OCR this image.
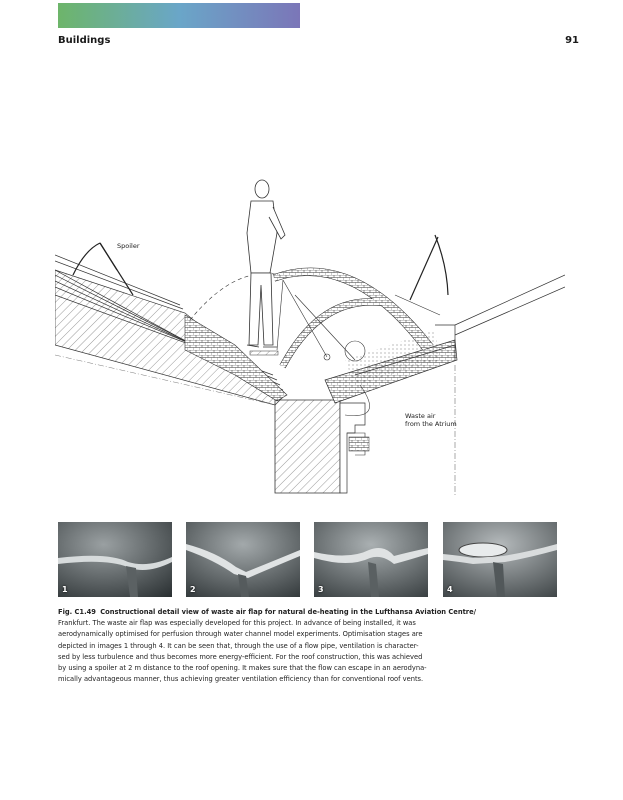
Buildings	91
Spoiler
Waste air
from the Atrium
1	2	3	4
Fig. C1.49 Constructional detail view of waste air flap for natural de-heating in the Lufthansa Aviation Centre/
Frankfurt. The waste air flap was especially developed for this project. In advance of being installed, it was
aerodynamically optimised for perfusion through water channel model experiments. Optimisation stages are
depicted in images 1 through 4. It can be seen that, through the use of a flow pipe, ventilation is character-
sed by less turbulence and thus becomes more energy-efficient. For the roof construction, this was achieved
by using a spoiler at 2 m distance to the roof opening. It makes sure that the flow can escape in an aerodyna-
mically advantageous manner, thus achieving greater ventilation efficiency than for conventional roof vents.
